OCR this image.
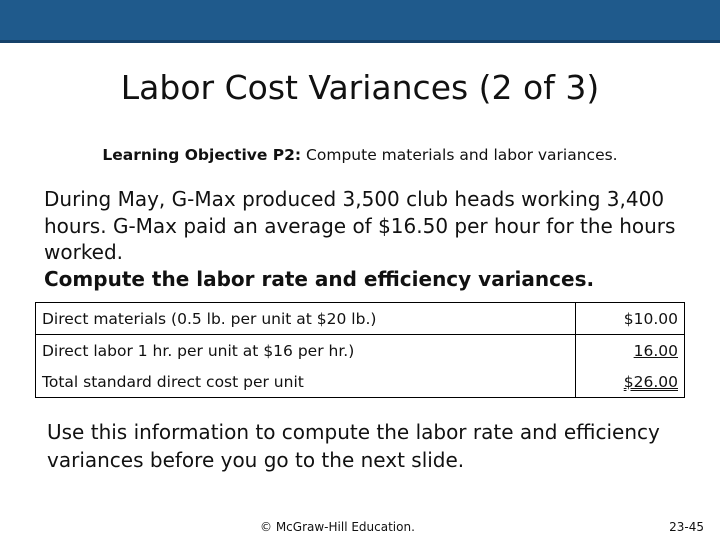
Labor Cost Variances (2 of 3)
Learning Objective P2: Compute materials and labor variances.
During May, G-Max produced 3,500 club heads working 3,400 hours. G-Max paid an average of $16.50 per hour for the hours worked.
Compute the labor rate and efficiency variances.
Direct materials (0.5 lb. per unit at $20 lb.)	$10.00
Direct labor 1 hr. per unit at $16 per hr.)	16.00
Total standard direct cost per unit	$26.00
Use this information to compute the labor rate and efficiency variances before you go to the next slide.
© McGraw-Hill Education.	23-45
